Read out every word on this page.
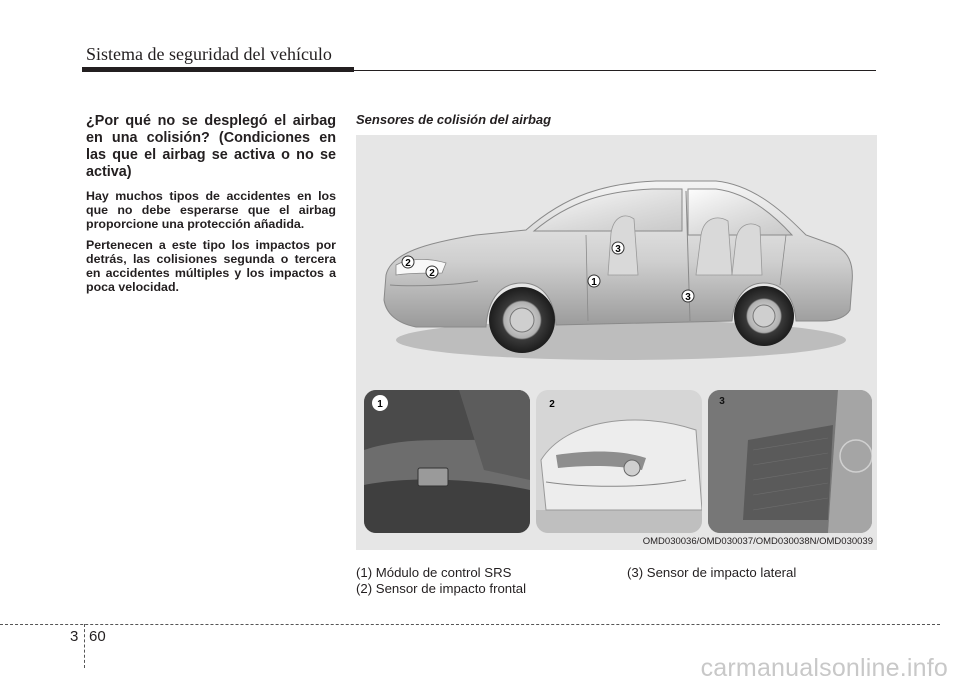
Sistema de seguridad del vehículo
¿Por qué no se desplegó el airbag en una colisión? (Condiciones en las que el airbag se activa o no se activa)

Hay muchos tipos de accidentes en los que no debe esperarse que el airbag proporcione una protección añadida.

Pertenecen a este tipo los impactos por detrás, las colisiones segunda o tercera en accidentes múltiples y los impactos a poca velocidad.

Sensores de colisión del airbag
2
2
3
1
3
1	2	3
OMD030036/OMD030037/OMD030038N/OMD030039
(1) Módulo de control SRS
(2) Sensor de impacto frontal
(3) Sensor de impacto lateral
3 60
carmanualsonline.info
